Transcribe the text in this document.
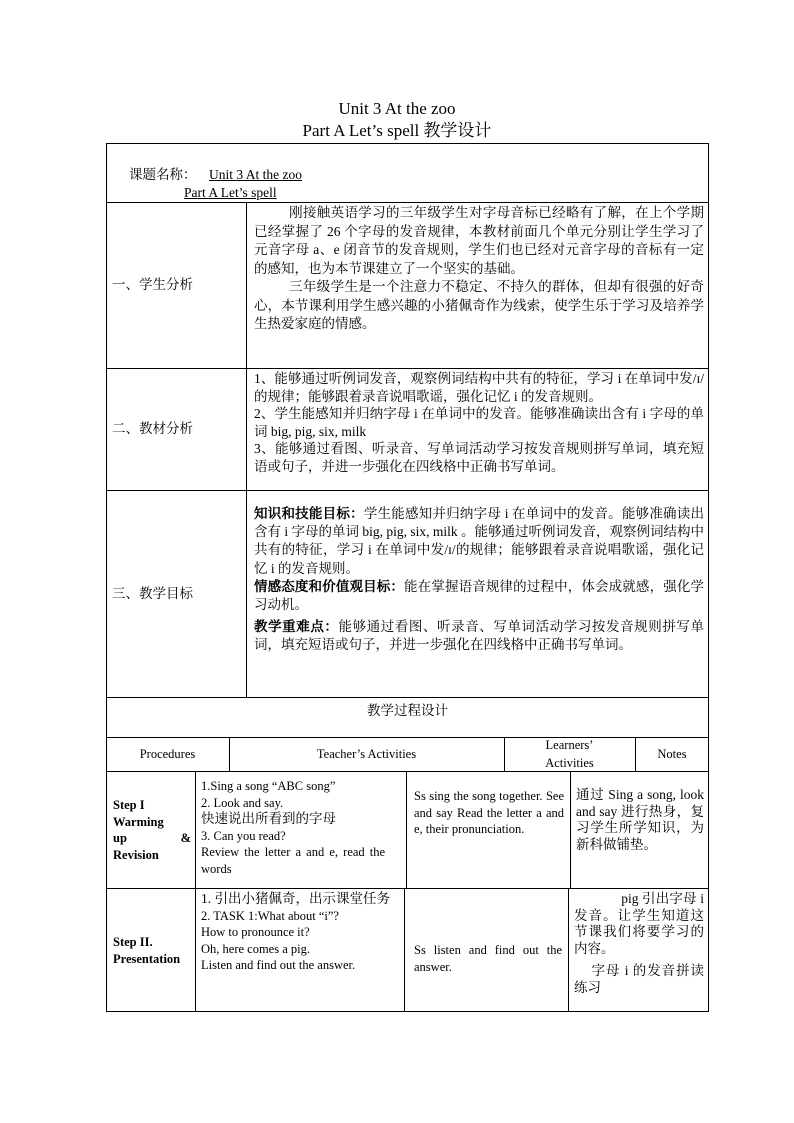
Unit 3 At the zoo
Part A Let’s spell 教学设计
课题名称： Unit 3 At the zoo
Part A Let’s spell
一、学生分析

刚接触英语学习的三年级学生对字母音标已经略有了解，在上个学期已经掌握了 26 个字母的发音规律，本教材前面几个单元分别让学生学习了 元音字母 a、e 闭音节的发音规则，学生们也已经对元音字母的音标有一定的感知，也为本节课建立了一个坚实的基础。

三年级学生是一个注意力不稳定、不持久的群体，但却有很强的好奇心，本节课利用学生感兴趣的小猪佩奇作为线索，使学生乐于学习及培养学生热爱家庭的情感。

二、教材分析

1、能够通过听例词发音，观察例词结构中共有的特征，学习 i 在单词中发/ɪ/的规律；能够跟着录音说唱歌谣，强化记忆 i 的发音规则。

2、学生能感知并归纳字母 i 在单词中的发音。能够准确读出含有 i 字母的单词 big, pig, six, milk

3、能够通过看图、听录音、写单词活动学习按发音规则拼写单词，填充短语或句子，并进一步强化在四线格中正确书写单词。

三、教学目标

知识和技能目标：学生能感知并归纳字母 i 在单词中的发音。能够准确读出含有 i 字母的单词 big, pig, six, milk 。能够通过听例词发音，观察例词结构中共有的特征，学习 i 在单词中发/ɪ/的规律；能够跟着录音说唱歌谣，强化记忆 i 的发音规则。

情感态度和价值观目标：能在掌握语音规律的过程中，体会成就感，强化学习动机。

教学重难点：能够通过看图、听录音、写单词活动学习按发音规则拼写单词，填充短语或句子，并进一步强化在四线格中正确书写单词。

教学过程设计
Procedures	Teacher’s Activities
Learners’
Activities
Notes
Step I
Warming
up	&
Revision
1.Sing a song “ABC song”
2. Look and say.
快速说出所看到的字母
3. Can you read?
Review the letter a and e, read the
words
Ss sing the song together. See and say Read the letter a and e, their pronunciation.
通过 Sing a song, look and say 进行热身，复习学生所学知识，为新科做铺垫。
Step II.
Presentation
1. 引出小猪佩奇，出示课堂任务
2. TASK 1:What about “i”?
How to pronounce it?
Oh, here comes a pig.
Listen and find out the answer.
Ss listen and find out the answer.

pig 引出字母 i 发音。让学生知道这节课我们将要学习的内容。

字母 i 的发音拼读练习
